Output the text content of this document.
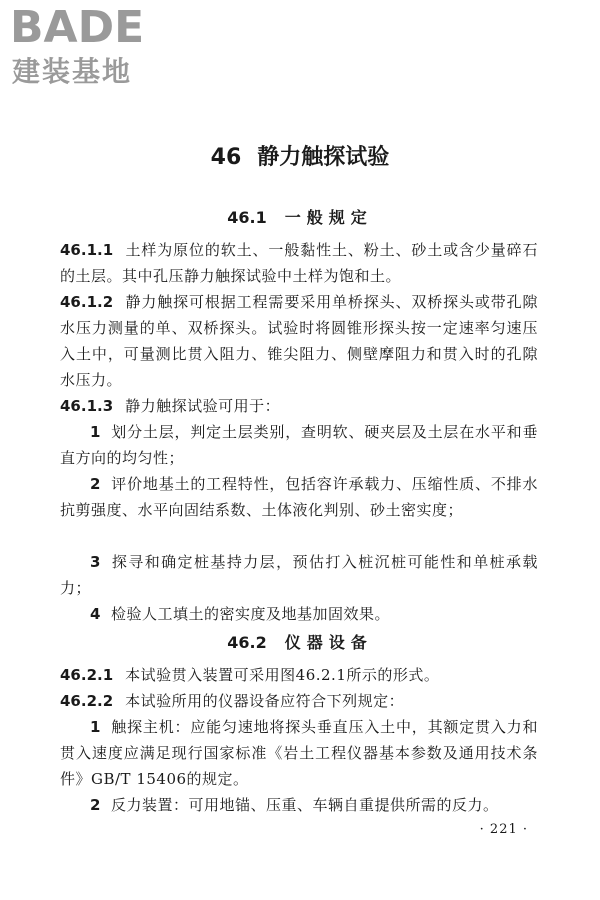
BADE
建装基地
46 静力触探试验
46.1 一般规定
46.1.1 土样为原位的软土、一般黏性土、粉土、砂土或含少量碎石的土层。其中孔压静力触探试验中土样为饱和土。
46.1.2 静力触探可根据工程需要采用单桥探头、双桥探头或带孔隙水压力测量的单、双桥探头。试验时将圆锥形探头按一定速率匀速压入土中，可量测比贯入阻力、锥尖阻力、侧壁摩阻力和贯入时的孔隙水压力。
46.1.3 静力触探试验可用于：
1 划分土层，判定土层类别，查明软、硬夹层及土层在水平和垂直方向的均匀性；
2 评价地基土的工程特性，包括容许承载力、压缩性质、不排水抗剪强度、水平向固结系数、土体液化判别、砂土密实度；
3 探寻和确定桩基持力层，预估打入桩沉桩可能性和单桩承载力；
4 检验人工填土的密实度及地基加固效果。
46.2 仪器设备
46.2.1 本试验贯入装置可采用图46.2.1所示的形式。
46.2.2 本试验所用的仪器设备应符合下列规定：
1 触探主机：应能匀速地将探头垂直压入土中，其额定贯入力和贯入速度应满足现行国家标准《岩土工程仪器基本参数及通用技术条件》GB/T 15406的规定。
2 反力装置：可用地锚、压重、车辆自重提供所需的反力。
· 221 ·
